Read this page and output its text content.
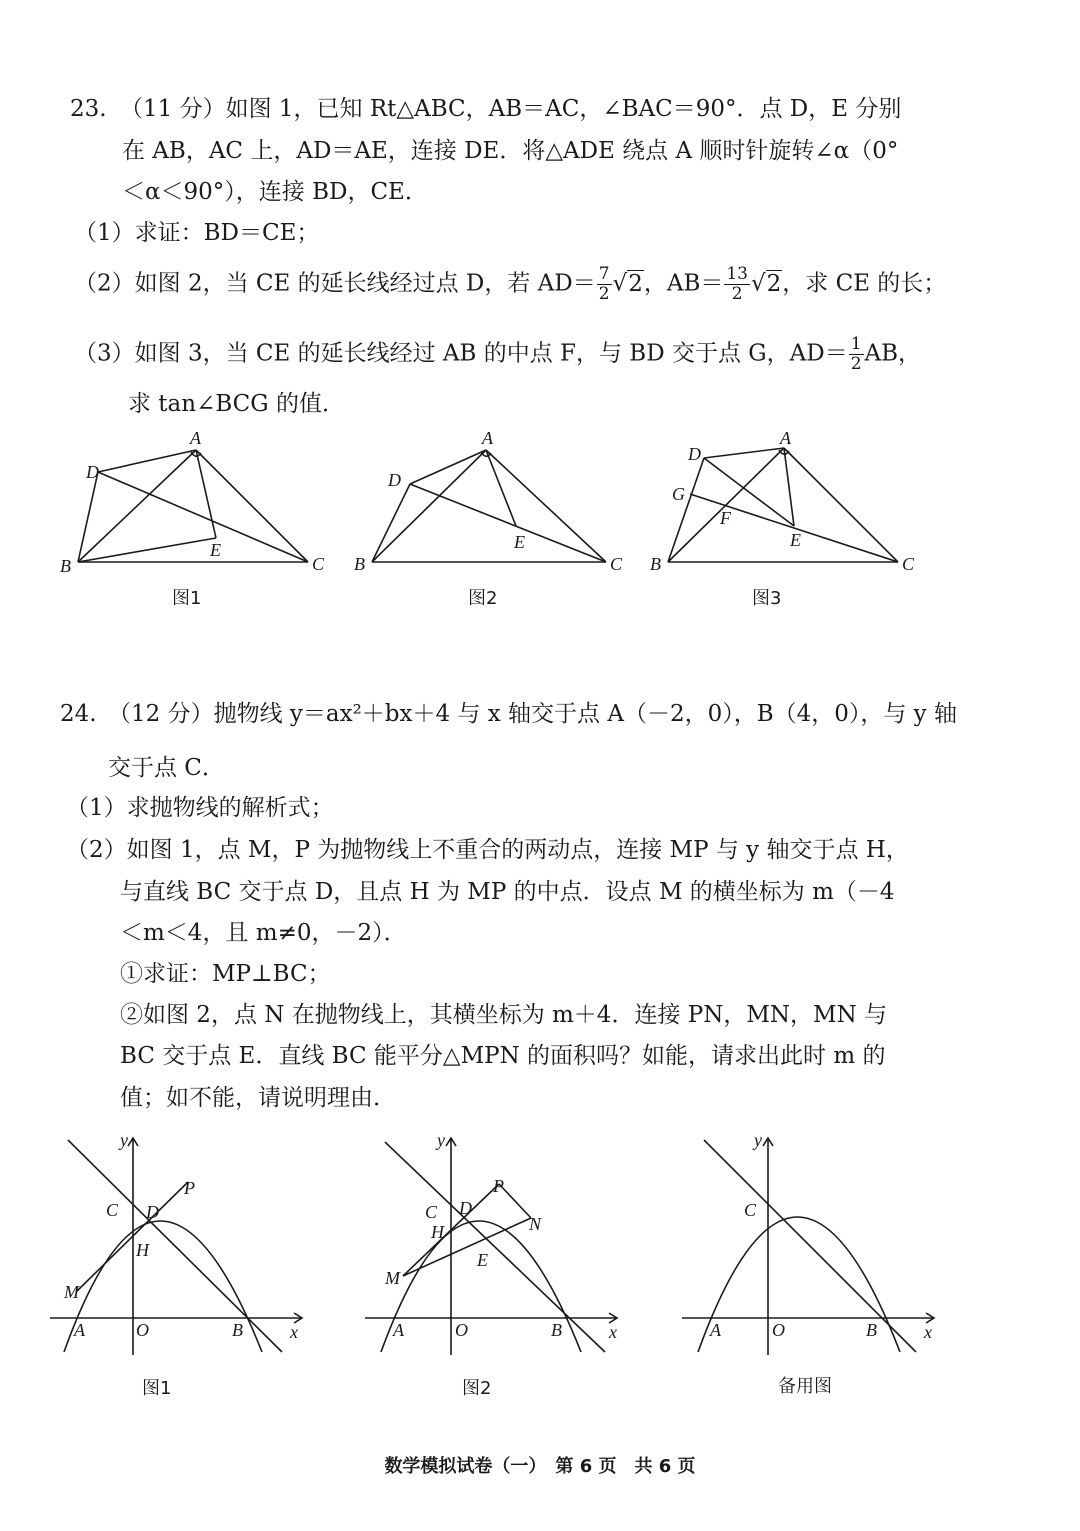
23. （11 分）如图 1，已知 Rt△ABC，AB＝AC，∠BAC＝90°．点 D，E 分别
在 AB，AC 上，AD＝AE，连接 DE．将△ADE 绕点 A 顺时针旋转∠α（0°
＜α＜90°），连接 BD，CE．
（1）求证：BD＝CE；
（2）如图 2，当 CE 的延长线经过点 D，若 $AD= \frac{7}{2} √2$，$AB= \frac{13}{2} √2$，求 CE 的长；
（3）如图 3，当 CE 的延长线经过 AB 的中点 F，与 BD 交于点 G，$AD= \frac{1}{2}$ AB，
求 tan∠BCG 的值．
A
D
E
B	C
图1
A
D
E
B	C
图2
A
D
G
F
E
B	C
图3
24. （12 分）抛物线 y＝ax²＋bx＋4 与 x 轴交于点 A（－2，0），B（4，0），与 y 轴
交于点 C．
（1）求抛物线的解析式；
（2）如图 1，点 M，P 为抛物线上不重合的两动点，连接 MP 与 y 轴交于点 H，
与直线 BC 交于点 D，且点 H 为 MP 的中点．设点 M 的横坐标为 m（－4
＜m＜4，且 m≠0，－2）．
①求证：MP⊥BC；
②如图 2，点 N 在抛物线上，其横坐标为 m＋4．连接 PN，MN，MN 与
BC 交于点 E．直线 BC 能平分△MPN 的面积吗？如能，请求出此时 m 的
值；如不能，请说明理由．
y
C D
H
P
M
A	O	B	x
图1
y
C D
H
P
N
E
M
A	O	B	x
图2
y
C
A	O	B	x
备用图
数学模拟试卷（一）　第 6 页　共 6 页
